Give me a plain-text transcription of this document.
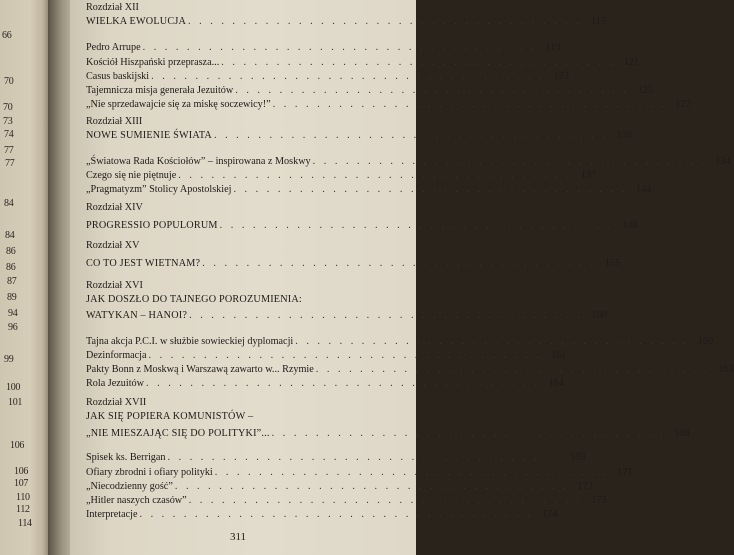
66
70
70
73
74
77
77
84
84
86
86
87
89
94
96
99
100
101
106
106
107
110
112
114
Rozdział XII
WIELKA EWOLUCJA . . . . . . . . . . . . . . . . . . . . . . . . . . . . . . . . . . . . 117
Pedro Arrupe . . . . . . . . . . . . . . . . . . . . . . . . . . . . . . . . . . . . 119
Kościół Hiszpański przeprasza... . . . . . . . . . . . . . . . . . . . . . . . . . . . . . . . . . . . . 121
Casus baskijski . . . . . . . . . . . . . . . . . . . . . . . . . . . . . . . . . . . . 123
Tajemnicza misja generała Jezuitów . . . . . . . . . . . . . . . . . . . . . . . . . . . . . . . . . . . . 125
„Nie sprzedawajcie się za miskę soczewicy!” . . . . . . . . . . . . . . . . . . . . . . . . . . . . . . . . . . . . 127
Rozdział XIII
NOWE SUMIENIE ŚWIATA . . . . . . . . . . . . . . . . . . . . . . . . . . . . . . . . . . . . 130
„Światowa Rada Kościołów” – inspirowana z Moskwy . . . . . . . . . . . . . . . . . . . . . . . . . . . . . . . . . . . . 134
Czego się nie piętnuje . . . . . . . . . . . . . . . . . . . . . . . . . . . . . . . . . . . . 137
„Pragmatyzm” Stolicy Apostolskiej . . . . . . . . . . . . . . . . . . . . . . . . . . . . . . . . . . . . 144
Rozdział XIV
PROGRESSIO POPULORUM . . . . . . . . . . . . . . . . . . . . . . . . . . . . . . . . . . . . 148
Rozdział XV
CO TO JEST WIETNAM? . . . . . . . . . . . . . . . . . . . . . . . . . . . . . . . . . . . . 155
Rozdział XVI
JAK DOSZŁO DO TAJNEGO POROZUMIENIA:
WATYKAN – HANOI? . . . . . . . . . . . . . . . . . . . . . . . . . . . . . . . . . . . . 160
Tajna akcja P.C.I. w służbie sowieckiej dyplomacji . . . . . . . . . . . . . . . . . . . . . . . . . . . . . . . . . . . . 160
Dezinformacja . . . . . . . . . . . . . . . . . . . . . . . . . . . . . . . . . . . . 161
Pakty Bonn z Moskwą i Warszawą zawarto w... Rzymie . . . . . . . . . . . . . . . . . . . . . . . . . . . . . . . . . . . . 163
Rola Jezuitów . . . . . . . . . . . . . . . . . . . . . . . . . . . . . . . . . . . . 164
Rozdział XVII
JAK SIĘ POPIERA KOMUNISTÓW –
„NIE MIESZAJĄC SIĘ DO POLITYKI”... . . . . . . . . . . . . . . . . . . . . . . . . . . . . . . . . . . . . 168
Spisek ks. Berrigan . . . . . . . . . . . . . . . . . . . . . . . . . . . . . . . . . . . . 169
Ofiary zbrodni i ofiary polityki . . . . . . . . . . . . . . . . . . . . . . . . . . . . . . . . . . . . 171
„Niecodzienny gość” . . . . . . . . . . . . . . . . . . . . . . . . . . . . . . . . . . . . 173
„Hitler naszych czasów” . . . . . . . . . . . . . . . . . . . . . . . . . . . . . . . . . . . . 173
Interpretacje . . . . . . . . . . . . . . . . . . . . . . . . . . . . . . . . . . . . 174
311
